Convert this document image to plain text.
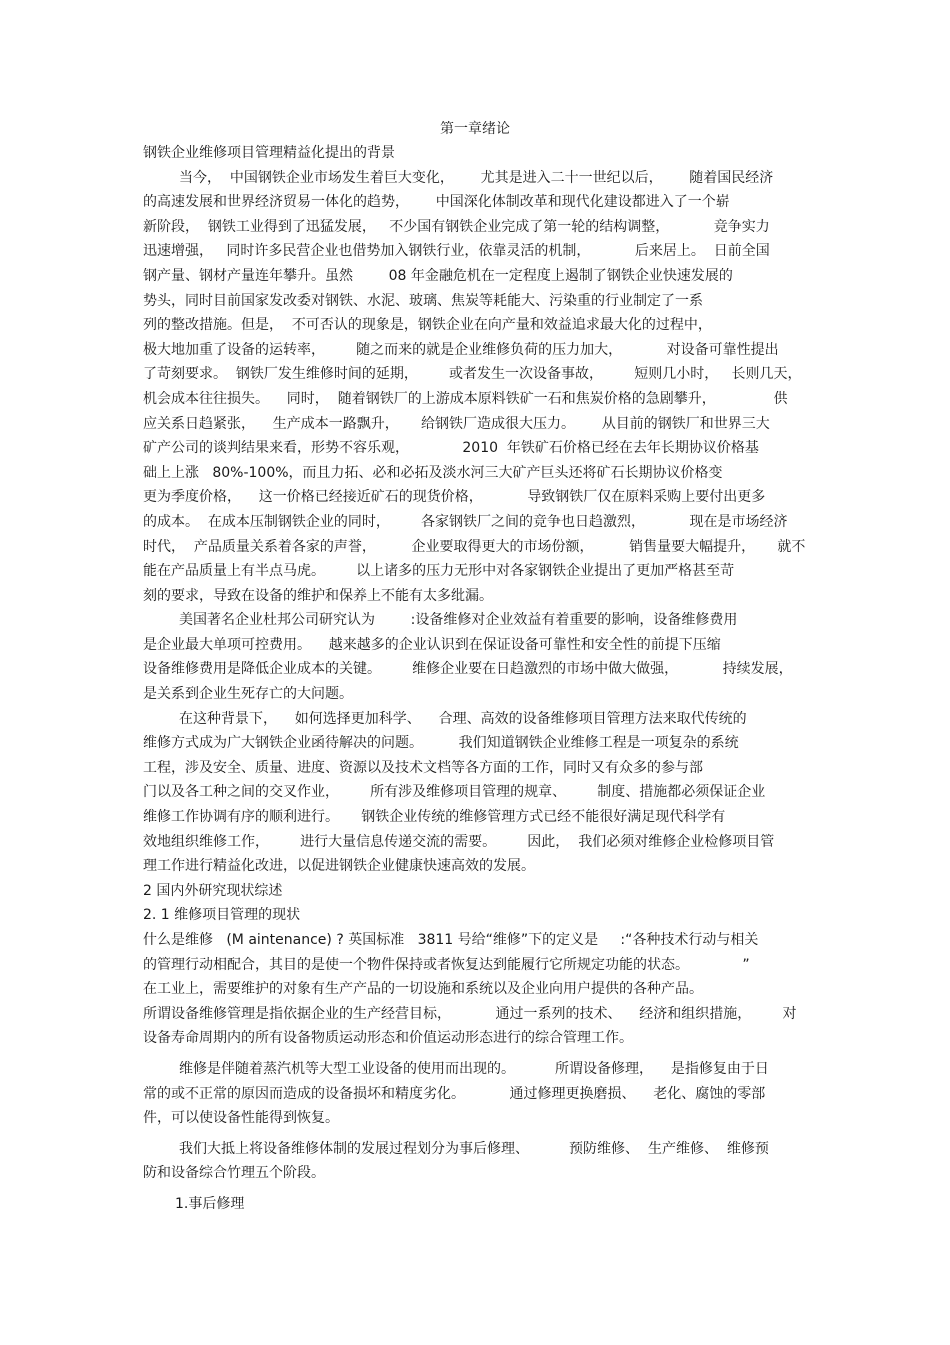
第一章绪论
钢铁企业维修项目管理精益化提出的背景
当今，  中国钢铁企业市场发生着巨大变化，      尤其是进入二十一世纪以后，      随着国民经济
的高速发展和世界经济贸易一体化的趋势，      中国深化体制改革和现代化建设都进入了一个崭
新阶段，  钢铁工业得到了迅猛发展，   不少国有钢铁企业完成了第一轮的结构调整，          竞争实力
迅速增强，   同时许多民营企业也借势加入钢铁行业，依靠灵活的机制，          后来居上。  日前全国
钢产量、钢材产量连年攀升。虽然        08 年金融危机在一定程度上遏制了钢铁企业快速发展的
势头，同时目前国家发改委对钢铁、水泥、玻璃、焦炭等耗能大、污染重的行业制定了一系
列的整改措施。但是，  不可否认的现象是，钢铁企业在向产量和效益追求最大化的过程中，
极大地加重了设备的运转率，       随之而来的就是企业维修负荷的压力加大，          对设备可靠性提出
了苛刻要求。  钢铁厂发生维修时间的延期，       或者发生一次设备事故，       短则几小时，   长则几天，
机会成本往往损失。    同时，  随着钢铁厂的上游成本原料铁矿一石和焦炭价格的急剧攀升，             供
应关系日趋紧张，    生产成本一路飘升，     给钢铁厂造成很大压力。      从目前的钢铁厂和世界三大
矿产公司的谈判结果来看，形势不容乐观，            2010  年铁矿石价格已经在去年长期协议价格基
础上上涨   80%-100%，而且力拓、必和必拓及淡水河三大矿产巨头还将矿石长期协议价格变
更为季度价格，    这一价格已经接近矿石的现货价格，          导致钢铁厂仅在原料采购上要付出更多
的成本。  在成本压制钢铁企业的同时，       各家钢铁厂之间的竞争也日趋激烈，          现在是市场经济
时代，  产品质量关系着各家的声誉，        企业要取得更大的市场份额，        销售量要大幅提升，     就不
能在产品质量上有半点马虎。       以上诸多的压力无形中对各家钢铁企业提出了更加严格甚至苛
刻的要求，导致在设备的维护和保养上不能有太多纰漏。
美国著名企业杜邦公司研究认为        :设备维修对企业效益有着重要的影响，设备维修费用
是企业最大单项可控费用。    越来越多的企业认识到在保证设备可靠性和安全性的前提下压缩
设备维修费用是降低企业成本的关键。       维修企业要在日趋激烈的市场中做大做强，          持续发展，
是关系到企业生死存亡的大问题。
在这种背景下，    如何选择更加科学、    合理、高效的设备维修项目管理方法来取代传统的
维修方式成为广大钢铁企业函待解决的问题。        我们知道钢铁企业维修工程是一项复杂的系统
工程，涉及安全、质量、进度、资源以及技术文档等各方面的工作，同时又有众多的参与部
门以及各工种之间的交叉作业，       所有涉及维修项目管理的规章、       制度、措施都必须保证企业
维修工作协调有序的顺利进行。     钢铁企业传统的维修管理方式已经不能很好满足现代科学有
效地组织维修工作，       进行大量信息传递交流的需要。       因此，  我们必须对维修企业检修项目管
理工作进行精益化改进，以促进钢铁企业健康快速高效的发展。
2 国内外研究现状综述
2. 1 维修项目管理的现状
什么是维修   (M aintenance) ? 英国标准   3811 号给“维修”下的定义是     :“各种技术行动与相关
的管理行动相配合，其目的是使一个物件保持或者恢复达到能履行它所规定功能的状态。            ”
在工业上，需要维护的对象有生产产品的一切设施和系统以及企业向用户提供的各种产品。
所谓设备维修管理是指依据企业的生产经营目标，          通过一系列的技术、    经济和组织措施，       对
设备寿命周期内的所有设备物质运动形态和价值运动形态进行的综合管理工作。
维修是伴随着蒸汽机等大型工业设备的使用而出现的。         所谓设备修理，    是指修复由于日
常的或不正常的原因而造成的设备损坏和精度劣化。          通过修理更换磨损、    老化、腐蚀的零部
件，可以使设备性能得到恢复。
我们大抵上将设备维修体制的发展过程划分为事后修理、         预防维修、  生产维修、  维修预
防和设备综合竹理五个阶段。
1.事后修理
